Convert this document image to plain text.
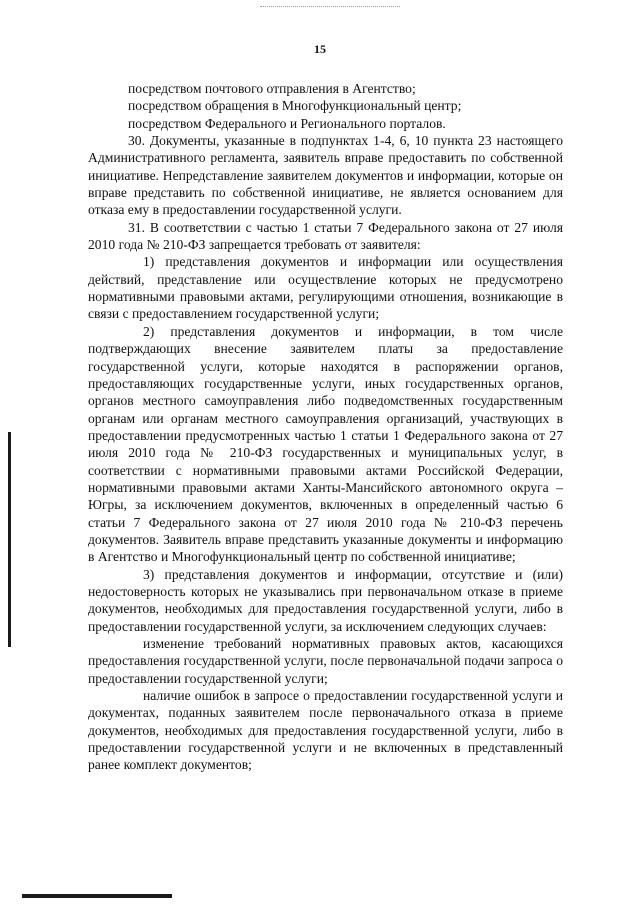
15

посредством почтового отправления в Агентство;

посредством обращения в Многофункциональный центр;

посредством Федерального и Регионального порталов.

30. Документы, указанные в подпунктах 1-4, 6, 10 пункта 23 настоящего Административного регламента, заявитель вправе предоставить по собственной инициативе. Непредставление заявителем документов и информации, которые он вправе представить по собственной инициативе, не является основанием для отказа ему в предоставлении государственной услуги.

31. В соответствии с частью 1 статьи 7 Федерального закона от 27 июля 2010 года № 210-ФЗ запрещается требовать от заявителя:

1) представления документов и информации или осуществления действий, представление или осуществление которых не предусмотрено нормативными правовыми актами, регулирующими отношения, возникающие в связи с предоставлением государственной услуги;

2) представления документов и информации, в том числе подтверждающих внесение заявителем платы за предоставление государственной услуги, которые находятся в распоряжении органов, предоставляющих государственные услуги, иных государственных органов, органов местного самоуправления либо подведомственных государственным органам или органам местного самоуправления организаций, участвующих в предоставлении предусмотренных частью 1 статьи 1 Федерального закона от 27 июля 2010 года № 210-ФЗ государственных и муниципальных услуг, в соответствии с нормативными правовыми актами Российской Федерации, нормативными правовыми актами Ханты-Мансийского автономного округа – Югры, за исключением документов, включенных в определенный частью 6 статьи 7 Федерального закона от 27 июля 2010 года № 210-ФЗ перечень документов. Заявитель вправе представить указанные документы и информацию в Агентство и Многофункциональный центр по собственной инициативе;

3) представления документов и информации, отсутствие и (или) недостоверность которых не указывались при первоначальном отказе в приеме документов, необходимых для предоставления государственной услуги, либо в предоставлении государственной услуги, за исключением следующих случаев:

изменение требований нормативных правовых актов, касающихся предоставления государственной услуги, после первоначальной подачи запроса о предоставлении государственной услуги;

наличие ошибок в запросе о предоставлении государственной услуги и документах, поданных заявителем после первоначального отказа в приеме документов, необходимых для предоставления государственной услуги, либо в предоставлении государственной услуги и не включенных в представленный ранее комплект документов;
